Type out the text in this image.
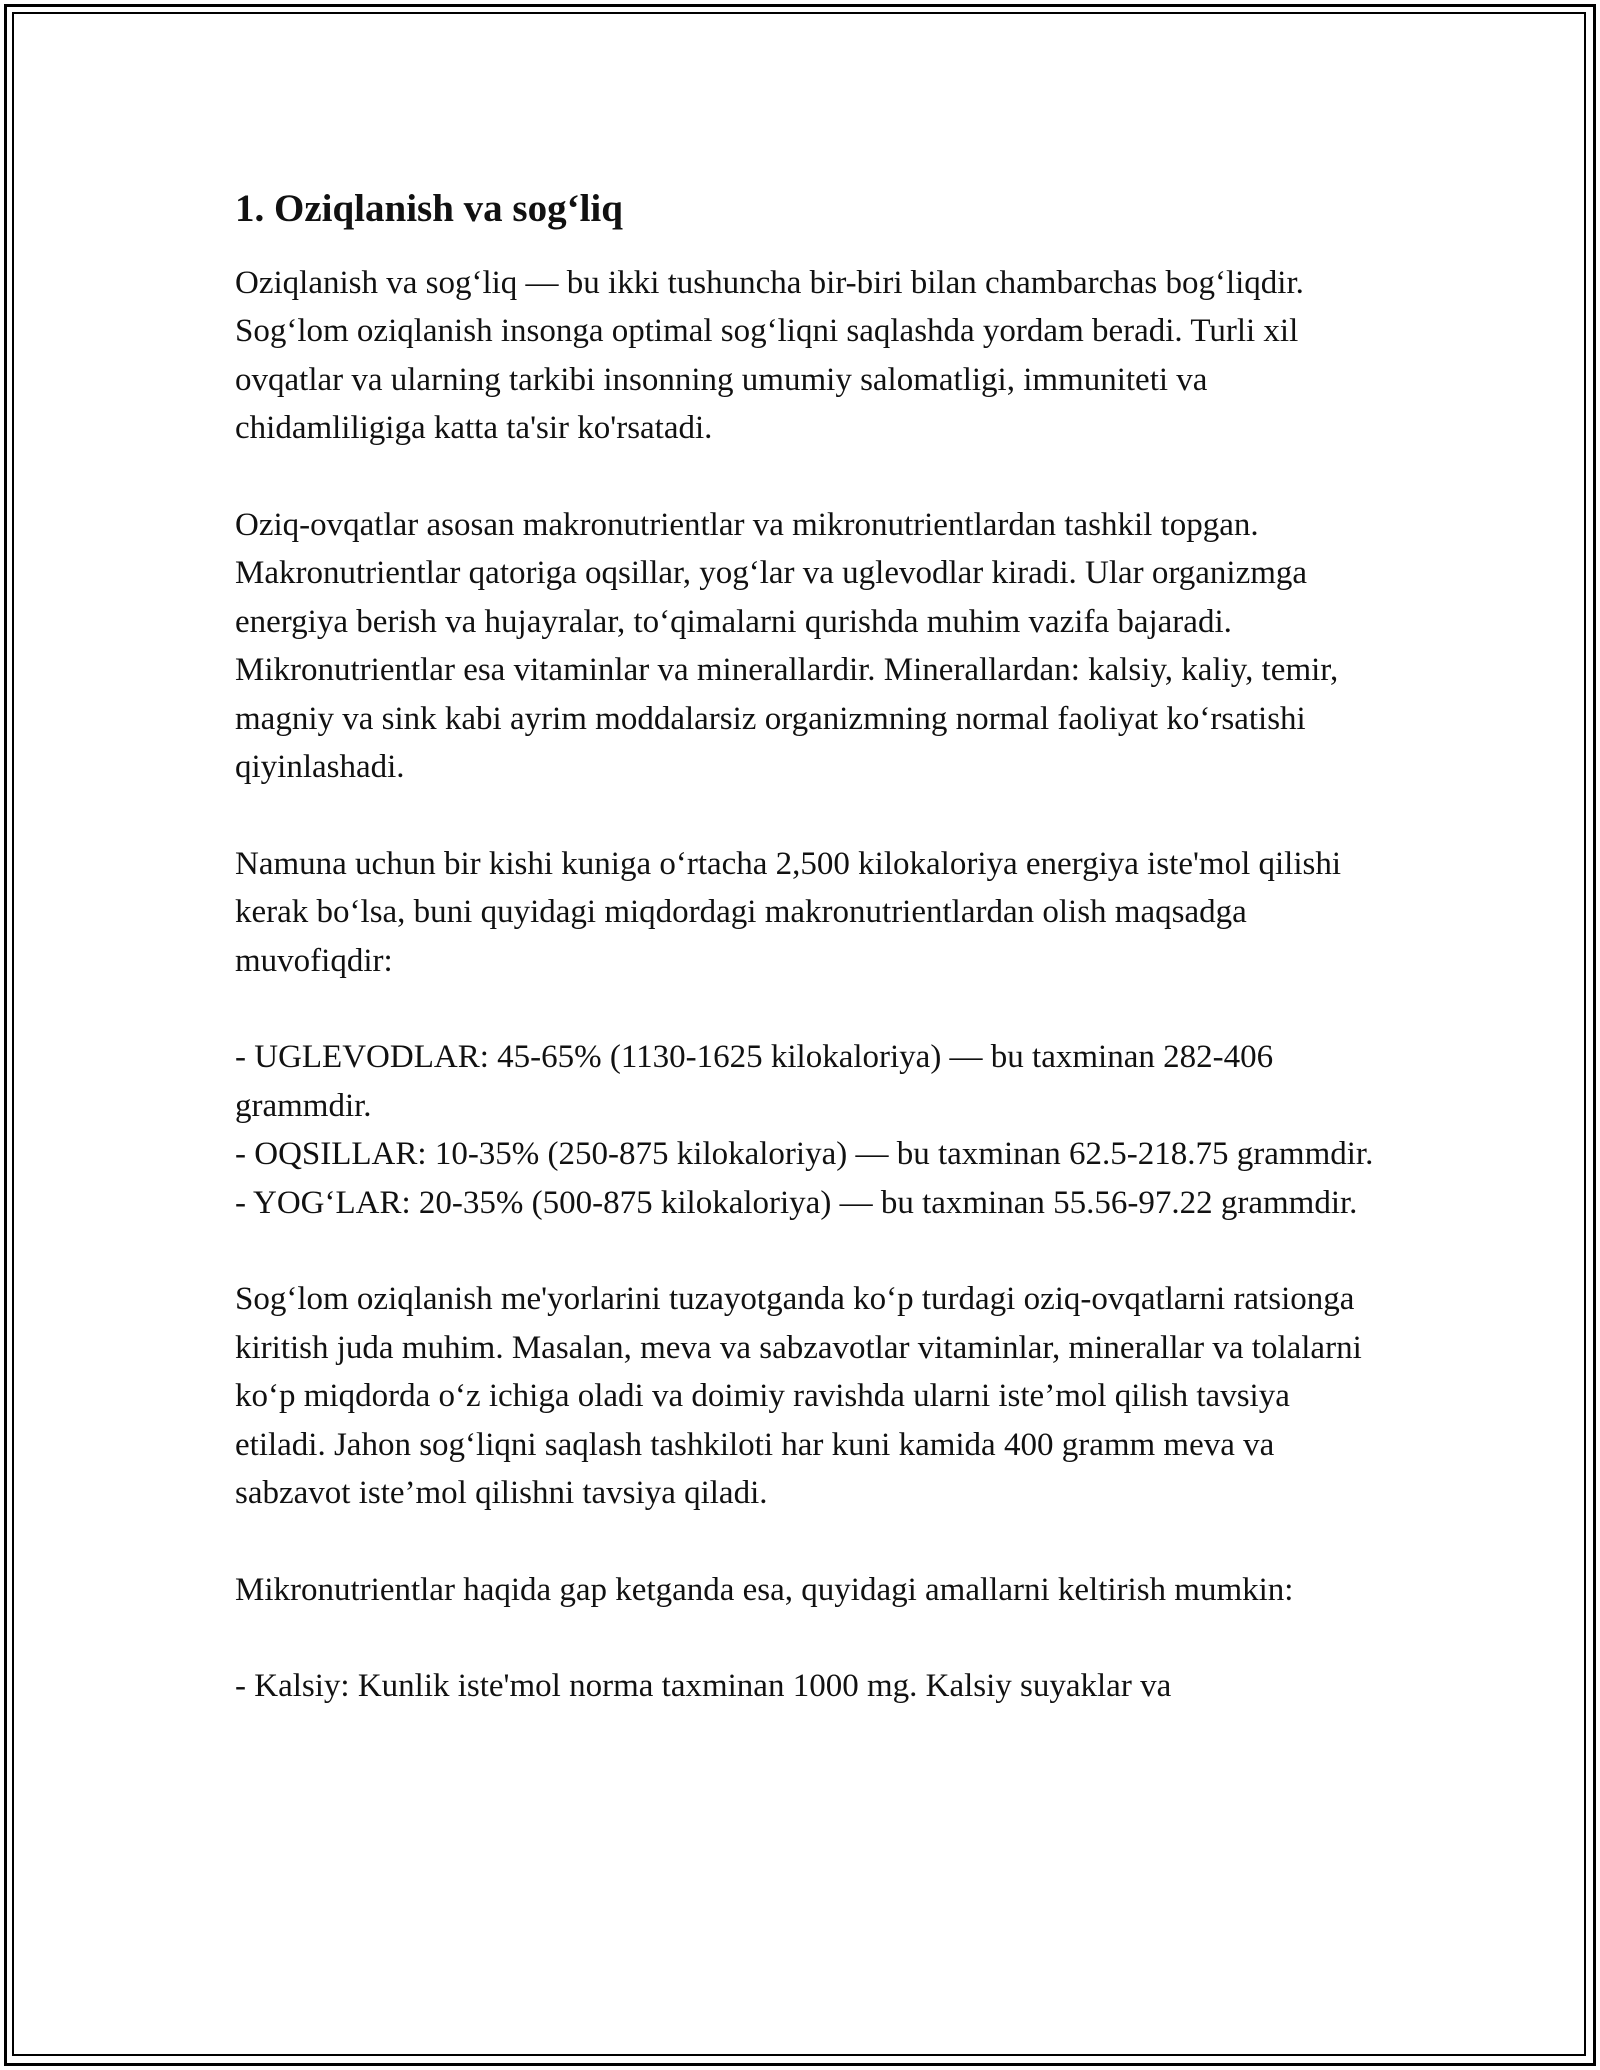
1. Oziqlanish va sog‘liq

Oziqlanish va sog‘liq — bu ikki tushuncha bir-biri bilan chambarchas bog‘liqdir. Sog‘lom oziqlanish insonga optimal sog‘liqni saqlashda yordam beradi. Turli xil ovqatlar va ularning tarkibi insonning umumiy salomatligi, immuniteti va chidamliligiga katta ta'sir ko'rsatadi.

Oziq-ovqatlar asosan makronutrientlar va mikronutrientlardan tashkil topgan. Makronutrientlar qatoriga oqsillar, yog‘lar va uglevodlar kiradi. Ular organizmga energiya berish va hujayralar, to‘qimalarni qurishda muhim vazifa bajaradi. Mikronutrientlar esa vitaminlar va minerallardir. Minerallardan: kalsiy, kaliy, temir, magniy va sink kabi ayrim moddalarsiz organizmning normal faoliyat ko‘rsatishi qiyinlashadi.

Namuna uchun bir kishi kuniga o‘rtacha 2,500 kilokaloriya energiya iste'mol qilishi kerak bo‘lsa, buni quyidagi miqdordagi makronutrientlardan olish maqsadga muvofiqdir:

- UGLEVODLAR: 45-65% (1130-1625 kilokaloriya) — bu taxminan 282-406 grammdir.
- OQSILLAR: 10-35% (250-875 kilokaloriya) — bu taxminan 62.5-218.75 grammdir.
- YOG‘LAR: 20-35% (500-875 kilokaloriya) — bu taxminan 55.56-97.22 grammdir.

Sog‘lom oziqlanish me'yorlarini tuzayotganda ko‘p turdagi oziq-ovqatlarni ratsionga kiritish juda muhim. Masalan, meva va sabzavotlar vitaminlar, minerallar va tolalarni ko‘p miqdorda o‘z ichiga oladi va doimiy ravishda ularni iste’mol qilish tavsiya etiladi. Jahon sog‘liqni saqlash tashkiloti har kuni kamida 400 gramm meva va sabzavot iste’mol qilishni tavsiya qiladi.

Mikronutrientlar haqida gap ketganda esa, quyidagi amallarni keltirish mumkin:

- Kalsiy: Kunlik iste'mol norma taxminan 1000 mg. Kalsiy suyaklar va
